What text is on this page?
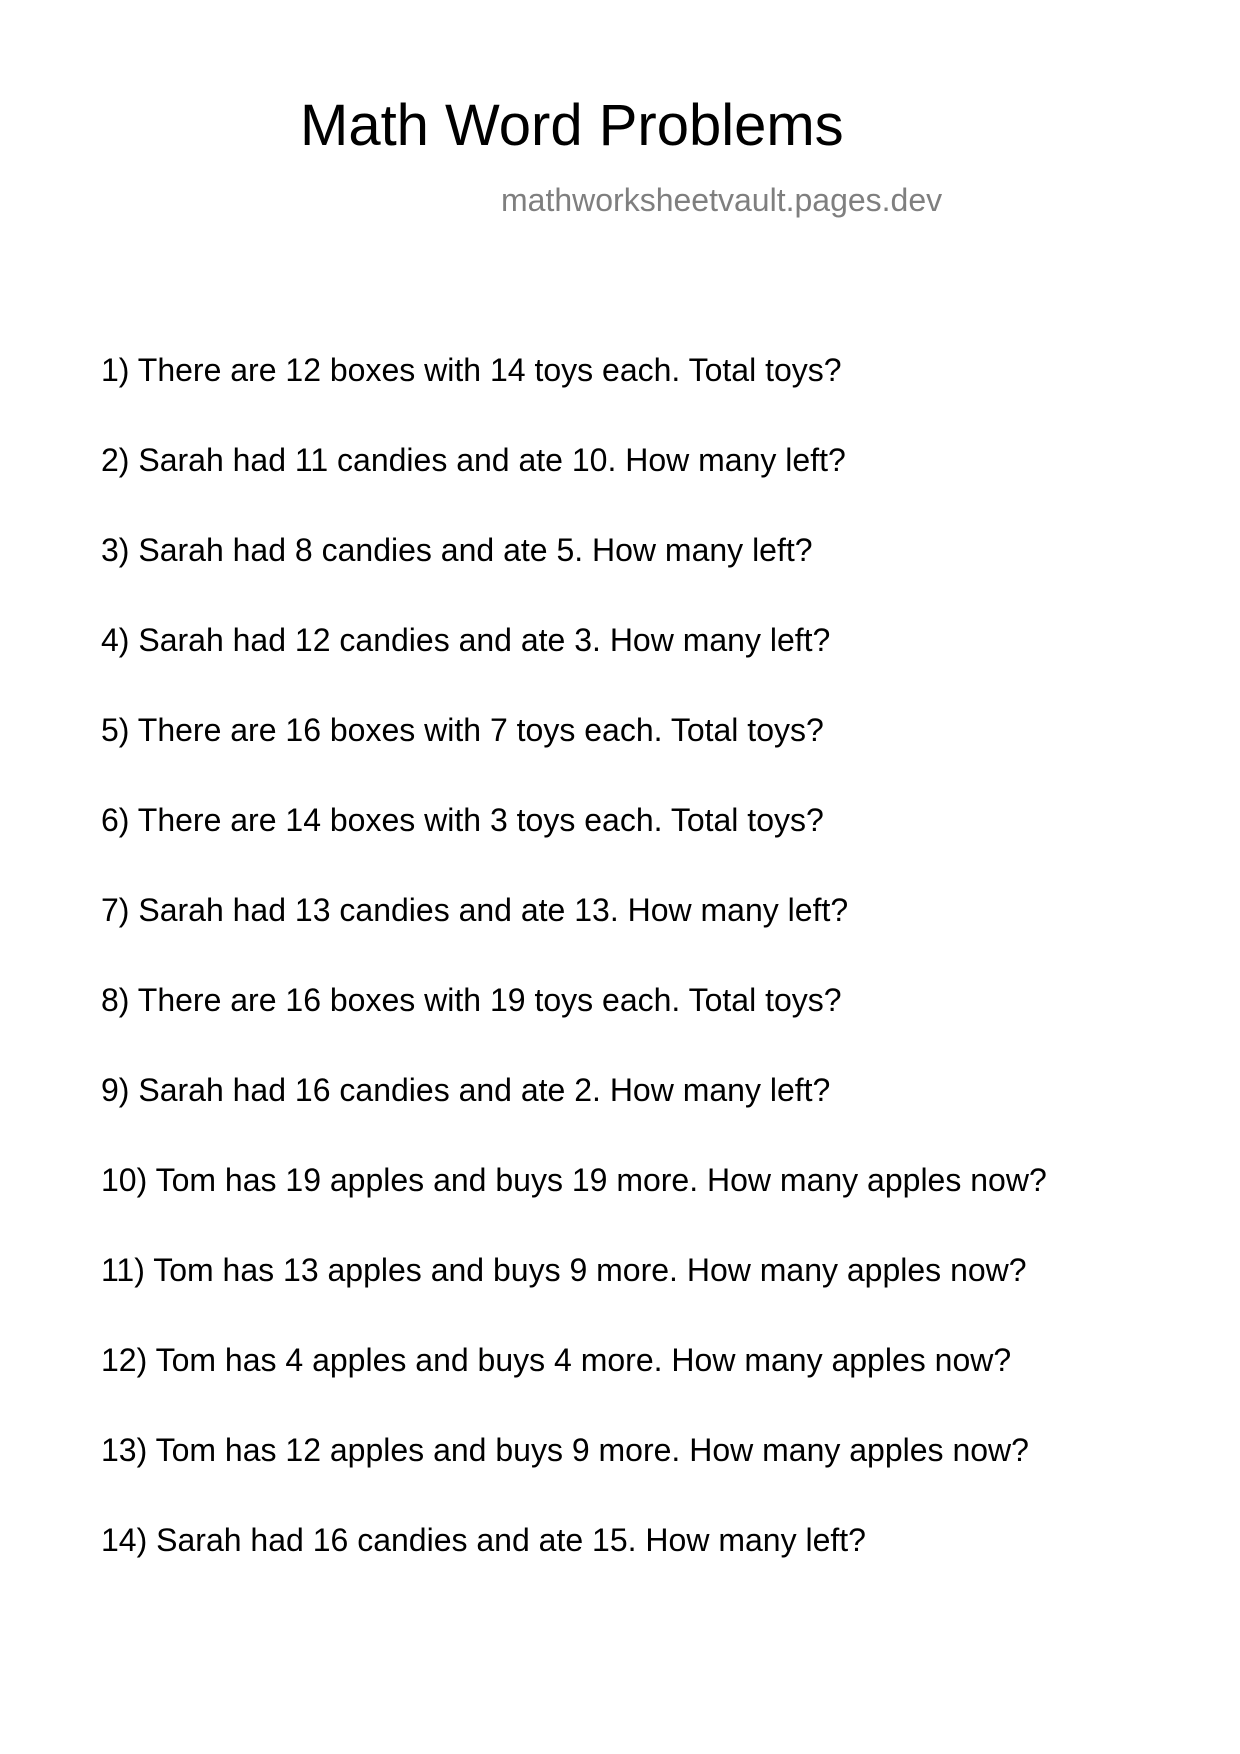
Math Word Problems
mathworksheetvault.pages.dev
1) There are 12 boxes with 14 toys each. Total toys?
2) Sarah had 11 candies and ate 10. How many left?
3) Sarah had 8 candies and ate 5. How many left?
4) Sarah had 12 candies and ate 3. How many left?
5) There are 16 boxes with 7 toys each. Total toys?
6) There are 14 boxes with 3 toys each. Total toys?
7) Sarah had 13 candies and ate 13. How many left?
8) There are 16 boxes with 19 toys each. Total toys?
9) Sarah had 16 candies and ate 2. How many left?
10) Tom has 19 apples and buys 19 more. How many apples now?
11) Tom has 13 apples and buys 9 more. How many apples now?
12) Tom has 4 apples and buys 4 more. How many apples now?
13) Tom has 12 apples and buys 9 more. How many apples now?
14) Sarah had 16 candies and ate 15. How many left?
